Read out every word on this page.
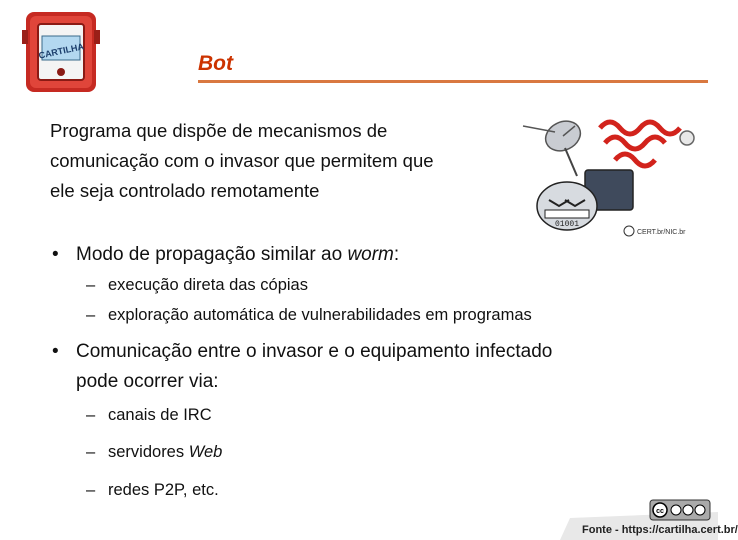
CARTILHA
Bot
Programa que dispõe de mecanismos de
comunicação com o invasor que permitem que
ele seja controlado remotamente
01001
CERT.br/NIC.br
• Modo de propagação similar ao worm:
– execução direta das cópias
– exploração automática de vulnerabilidades em programas
• Comunicação entre o invasor e o equipamento infectado
pode ocorrer via:
– canais de IRC
– servidores Web
– redes P2P, etc.
cc
Fonte - https://cartilha.cert.br/
